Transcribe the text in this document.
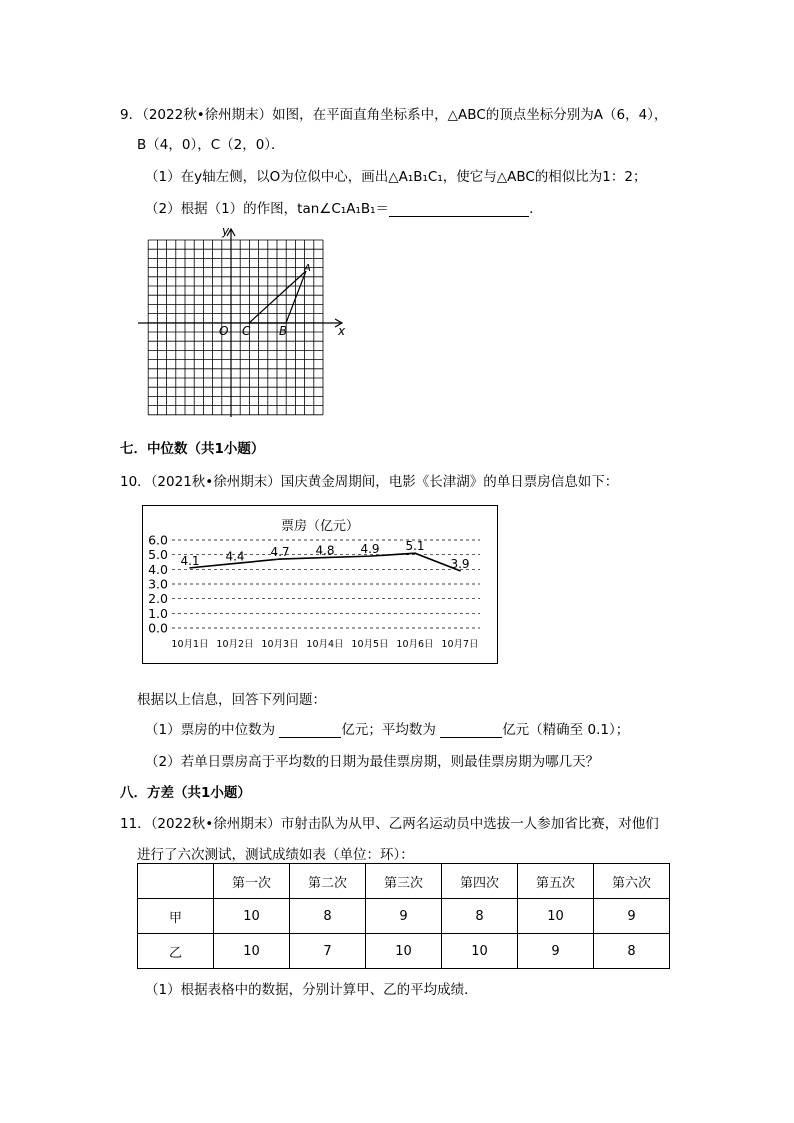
9．（2022秋•徐州期末）如图，在平面直角坐标系中，△ABC的顶点坐标分别为A（6，4），
B（4，0），C（2，0）．
（1）在y轴左侧，以O为位似中心，画出△A₁B₁C₁，使它与△ABC的相似比为1：2；
（2）根据（1）的作图，tan∠C₁A₁B₁＝	．
y
x
O C B
A
七．中位数（共1小题）
10．（2021秋•徐州期末）国庆黄金周期间，电影《长津湖》的单日票房信息如下：
票房（亿元）
6.0
5.0
4.0
3.0
2.0
1.0
0.0
10月1日 10月2日 10月3日 10月4日 10月5日 10月6日 10月7日
4.1 4.4 4.7 4.8 4.9 5.1
3.9
根据以上信息，回答下列问题：
（1）票房的中位数为	亿元；平均数为	亿元（精确至 0.1）；
（2）若单日票房高于平均数的日期为最佳票房期，则最佳票房期为哪几天？
八．方差（共1小题）
11．（2022秋•徐州期末）市射击队为从甲、乙两名运动员中选拔一人参加省比赛，对他们
进行了六次测试，测试成绩如表（单位：环）：
	第一次	第二次	第三次	第四次	第五次	第六次
甲	10	8	9	8	10	9
乙	10	7	10	10	9	8
（1）根据表格中的数据，分别计算甲、乙的平均成绩．
